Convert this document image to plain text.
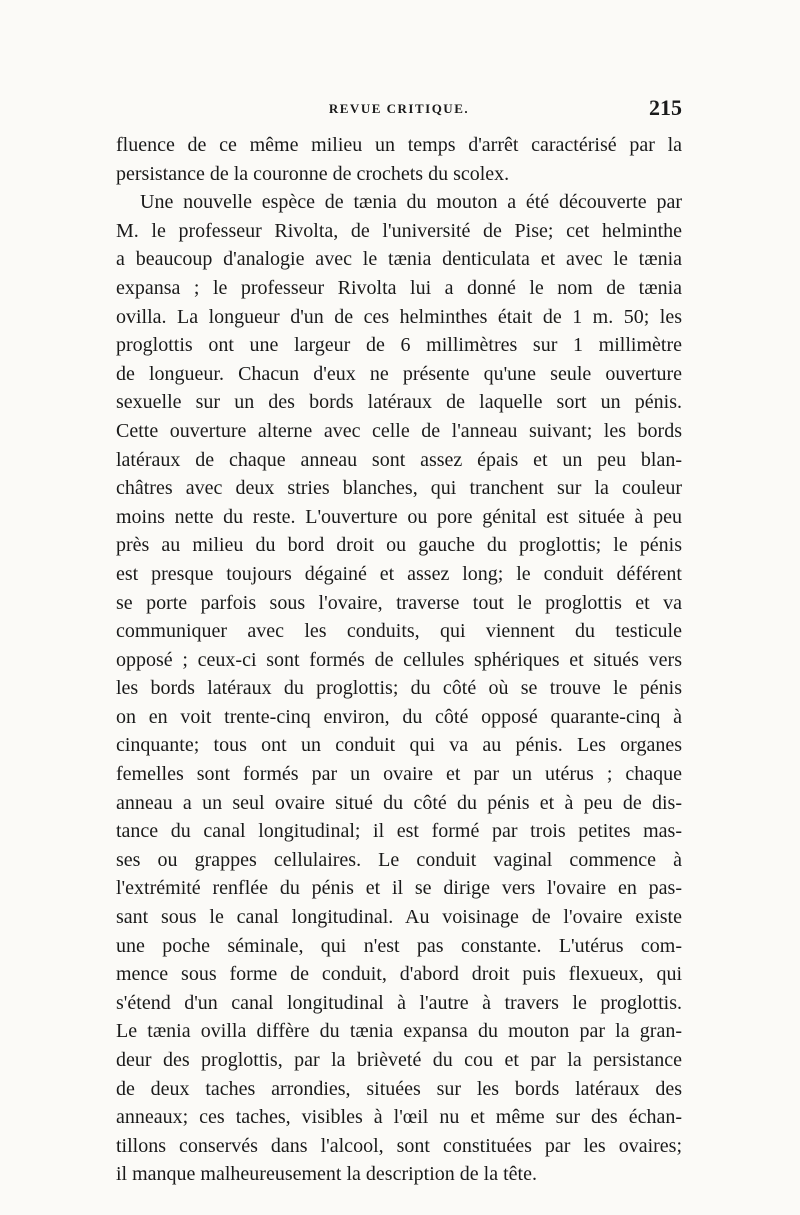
REVUE CRITIQUE.	215
fluence de ce même milieu un temps d'arrêt caractérisé par la
persistance de la couronne de crochets du scolex.
Une nouvelle espèce de tænia du mouton a été découverte par
M. le professeur Rivolta, de l'université de Pise; cet helminthe
a beaucoup d'analogie avec le tænia denticulata et avec le tænia
expansa ; le professeur Rivolta lui a donné le nom de tænia
ovilla. La longueur d'un de ces helminthes était de 1 m. 50; les
proglottis ont une largeur de 6 millimètres sur 1 millimètre
de longueur. Chacun d'eux ne présente qu'une seule ouverture
sexuelle sur un des bords latéraux de laquelle sort un pénis.
Cette ouverture alterne avec celle de l'anneau suivant; les bords
latéraux de chaque anneau sont assez épais et un peu blan-
châtres avec deux stries blanches, qui tranchent sur la couleur
moins nette du reste. L'ouverture ou pore génital est située à peu
près au milieu du bord droit ou gauche du proglottis; le pénis
est presque toujours dégainé et assez long; le conduit déférent
se porte parfois sous l'ovaire, traverse tout le proglottis et va
communiquer avec les conduits, qui viennent du testicule
opposé ; ceux-ci sont formés de cellules sphériques et situés vers
les bords latéraux du proglottis; du côté où se trouve le pénis
on en voit trente-cinq environ, du côté opposé quarante-cinq à
cinquante; tous ont un conduit qui va au pénis. Les organes
femelles sont formés par un ovaire et par un utérus ; chaque
anneau a un seul ovaire situé du côté du pénis et à peu de dis-
tance du canal longitudinal; il est formé par trois petites mas-
ses ou grappes cellulaires. Le conduit vaginal commence à
l'extrémité renflée du pénis et il se dirige vers l'ovaire en pas-
sant sous le canal longitudinal. Au voisinage de l'ovaire existe
une poche séminale, qui n'est pas constante. L'utérus com-
mence sous forme de conduit, d'abord droit puis flexueux, qui
s'étend d'un canal longitudinal à l'autre à travers le proglottis.
Le tænia ovilla diffère du tænia expansa du mouton par la gran-
deur des proglottis, par la brièveté du cou et par la persistance
de deux taches arrondies, situées sur les bords latéraux des
anneaux; ces taches, visibles à l'œil nu et même sur des échan-
tillons conservés dans l'alcool, sont constituées par les ovaires;
il manque malheureusement la description de la tête.
